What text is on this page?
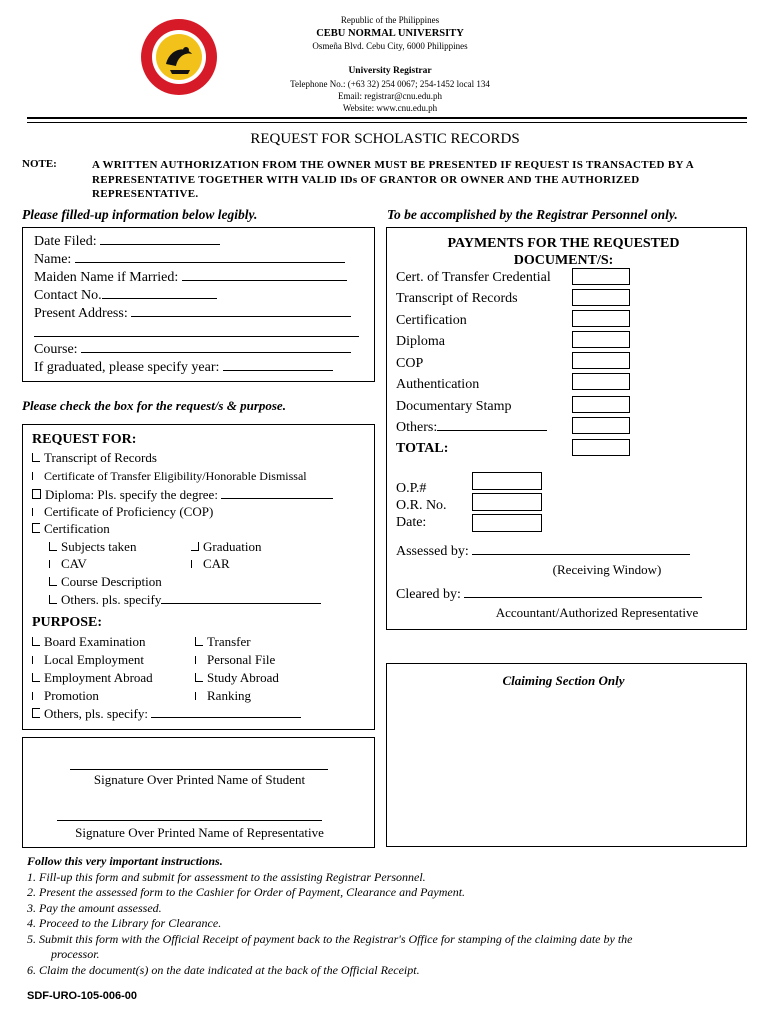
Republic of the Philippines
CEBU NORMAL UNIVERSITY
Osmeña Blvd. Cebu City, 6000 Philippines
University Registrar
Telephone No.: (+63 32) 254 0067; 254-1452 local 134
Email: registrar@cnu.edu.ph
Website: www.cnu.edu.ph
REQUEST FOR SCHOLASTIC RECORDS
NOTE:	A WRITTEN AUTHORIZATION FROM THE OWNER MUST BE PRESENTED IF REQUEST IS TRANSACTED BY A REPRESENTATIVE TOGETHER WITH VALID IDs OF GRANTOR OR OWNER AND THE AUTHORIZED REPRESENTATIVE.
Please filled-up information below legibly.	To be accomplished by the Registrar Personnel only.
Date Filed:
Name:
Maiden Name if Married:
Contact No.
Present Address:
Course:
If graduated, please specify year:
Please check the box for the request/s & purpose.
REQUEST FOR:
Transcript of Records
Certificate of Transfer Eligibility/Honorable Dismissal
Diploma: Pls. specify the degree:
Certificate of Proficiency (COP)
Certification
Subjects taken	Graduation
CAV	CAR
Course Description
Others. pls. specify
PURPOSE:
Board Examination	Transfer
Local Employment	Personal File
Employment Abroad	Study Abroad
Promotion	Ranking
Others, pls. specify:
Signature Over Printed Name of Student
Signature Over Printed Name of Representative
PAYMENTS FOR THE REQUESTED
DOCUMENT/S:
Cert. of Transfer Credential
Transcript of Records
Certification
Diploma
COP
Authentication
Documentary Stamp
Others:
TOTAL:
O.P.#
O.R. No.
Date:
Assessed by:
(Receiving Window)
Cleared by:
Accountant/Authorized Representative
Claiming Section Only
Follow this very important instructions.
1. Fill-up this form and submit for assessment to the assisting Registrar Personnel.
2. Present the assessed form to the Cashier for Order of Payment, Clearance and Payment.
3. Pay the amount assessed.
4. Proceed to the Library for Clearance.
5. Submit this form with the Official Receipt of payment back to the Registrar's Office for stamping of the claiming date by the
processor.
6. Claim the document(s) on the date indicated at the back of the Official Receipt.
SDF-URO-105-006-00
